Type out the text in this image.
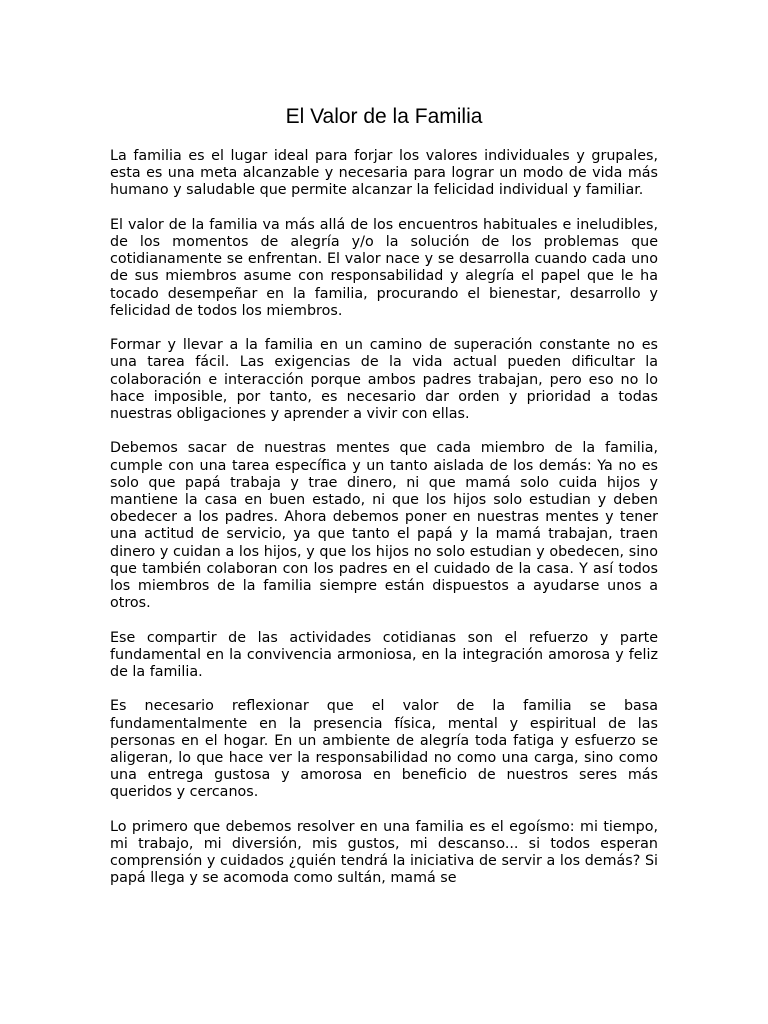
El Valor de la Familia

La familia es el lugar ideal para forjar los valores individuales y grupales, esta es una meta alcanzable y necesaria para lograr un modo de vida más humano y saludable que permite alcanzar la felicidad individual y familiar.

El valor de la familia va más allá de los encuentros habituales e ineludibles, de los momentos de alegría y/o la solución de los problemas que cotidianamente se enfrentan. El valor nace y se desarrolla cuando cada uno de sus miembros asume con responsabilidad y alegría el papel que le ha tocado desempeñar en la familia, procurando el bienestar, desarrollo y felicidad de todos los miembros.

Formar y llevar a la familia en un camino de superación constante no es una tarea fácil. Las exigencias de la vida actual pueden dificultar la colaboración e interacción porque ambos padres trabajan, pero eso no lo hace imposible, por tanto, es necesario dar orden y prioridad a todas nuestras obligaciones y aprender a vivir con ellas.

Debemos sacar de nuestras mentes que cada miembro de la familia, cumple con una tarea específica y un tanto aislada de los demás: Ya no es solo que papá trabaja y trae dinero, ni que mamá solo cuida hijos y mantiene la casa en buen estado, ni que los hijos solo estudian y deben obedecer a los padres. Ahora debemos poner en nuestras mentes y tener una actitud de servicio, ya que tanto el papá y la mamá trabajan, traen dinero y cuidan a los hijos, y que los hijos no solo estudian y obedecen, sino que también colaboran con los padres en el cuidado de la casa. Y así todos los miembros de la familia siempre están dispuestos a ayudarse unos a otros.

Ese compartir de las actividades cotidianas son el refuerzo y parte fundamental en la convivencia armoniosa, en la integración amorosa y feliz de la familia.

Es necesario reflexionar que el valor de la familia se basa fundamentalmente en la presencia física, mental y espiritual de las personas en el hogar. En un ambiente de alegría toda fatiga y esfuerzo se aligeran, lo que hace ver la responsabilidad no como una carga, sino como una entrega gustosa y amorosa en beneficio de nuestros seres más queridos y cercanos.

Lo primero que debemos resolver en una familia es el egoísmo: mi tiempo, mi trabajo, mi diversión, mis gustos, mi descanso... si todos esperan comprensión y cuidados ¿quién tendrá la iniciativa de servir a los demás? Si papá llega y se acomoda como sultán, mamá se
